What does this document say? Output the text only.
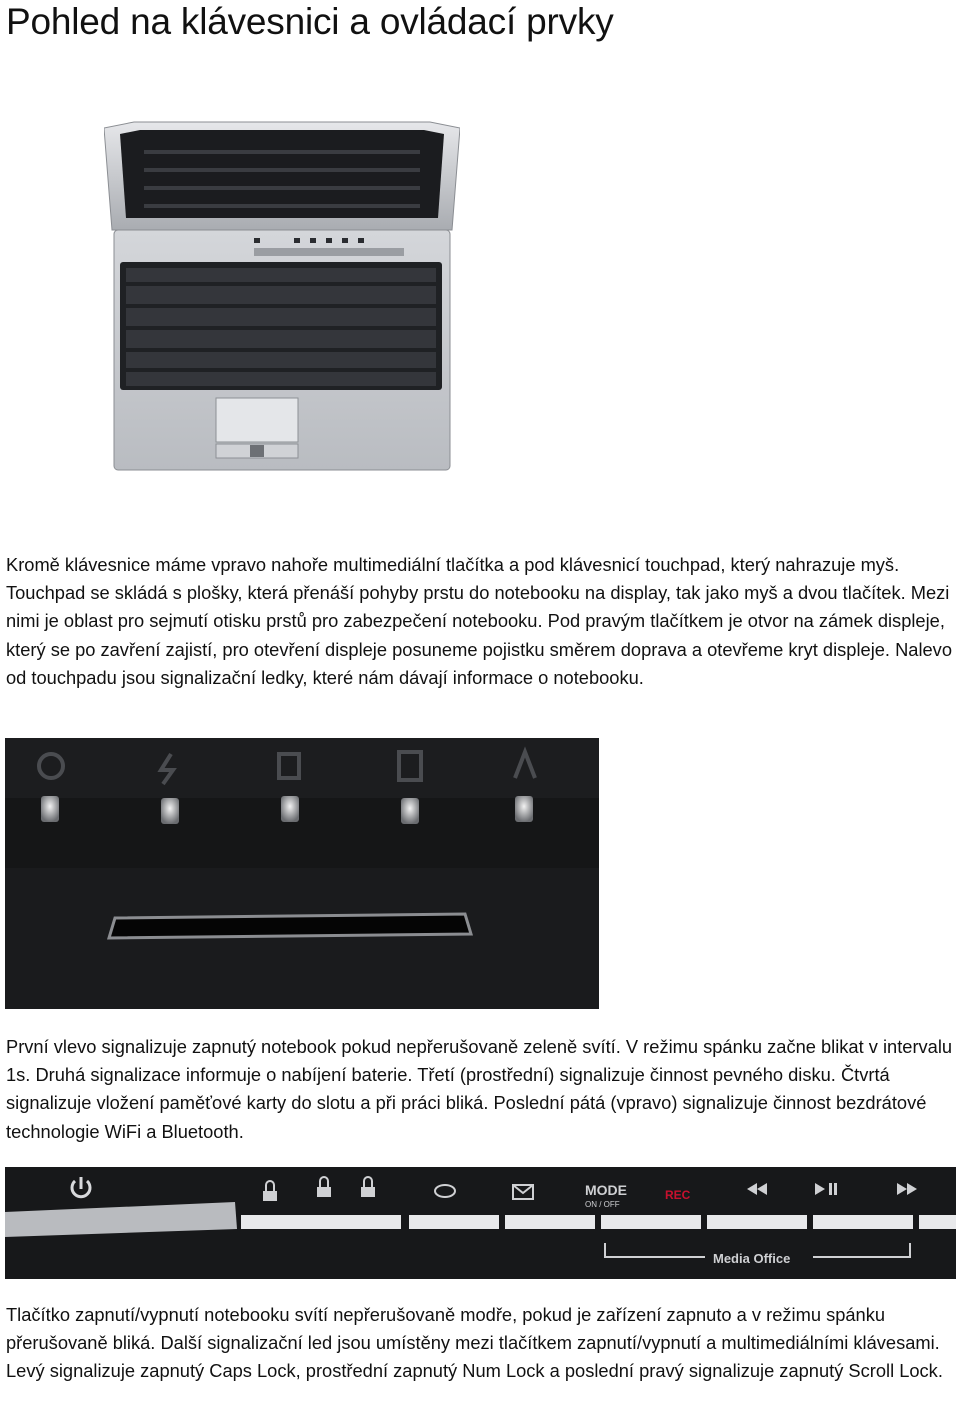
Pohled na klávesnici a ovládací prvky

Kromě klávesnice máme vpravo nahoře multimediální tlačítka a pod klávesnicí touchpad, který nahrazuje myš. Touchpad se skládá s plošky, která přenáší pohyby prstu do notebooku na display, tak jako myš a dvou tlačítek. Mezi nimi je oblast pro sejmutí otisku prstů pro zabezpečení notebooku. Pod pravým tlačítkem je otvor na zámek displeje, který se po zavření zajistí, pro otevření displeje posuneme pojistku směrem doprava a otevřeme kryt displeje. Nalevo od touchpadu jsou signalizační ledky, které nám dávají informace o notebooku.

První vlevo signalizuje zapnutý notebook pokud nepřerušovaně zeleně svítí. V režimu spánku začne blikat v intervalu 1s. Druhá signalizace informuje o nabíjení baterie. Třetí (prostřední) signalizuje činnost pevného disku. Čtvrtá signalizuje vložení paměťové karty do slotu a při práci bliká. Poslední pátá (vpravo) signalizuje činnost bezdrátové technologie WiFi a Bluetooth.

MODE
ON / OFF
REC
Media Office

Tlačítko zapnutí/vypnutí notebooku svítí nepřerušovaně modře, pokud je zařízení zapnuto a v režimu spánku přerušovaně bliká. Další signalizační led jsou umístěny mezi tlačítkem zapnutí/vypnutí a multimediálními klávesami. Levý signalizuje zapnutý Caps Lock, prostřední zapnutý Num Lock a poslední pravý signalizuje zapnutý Scroll Lock.
